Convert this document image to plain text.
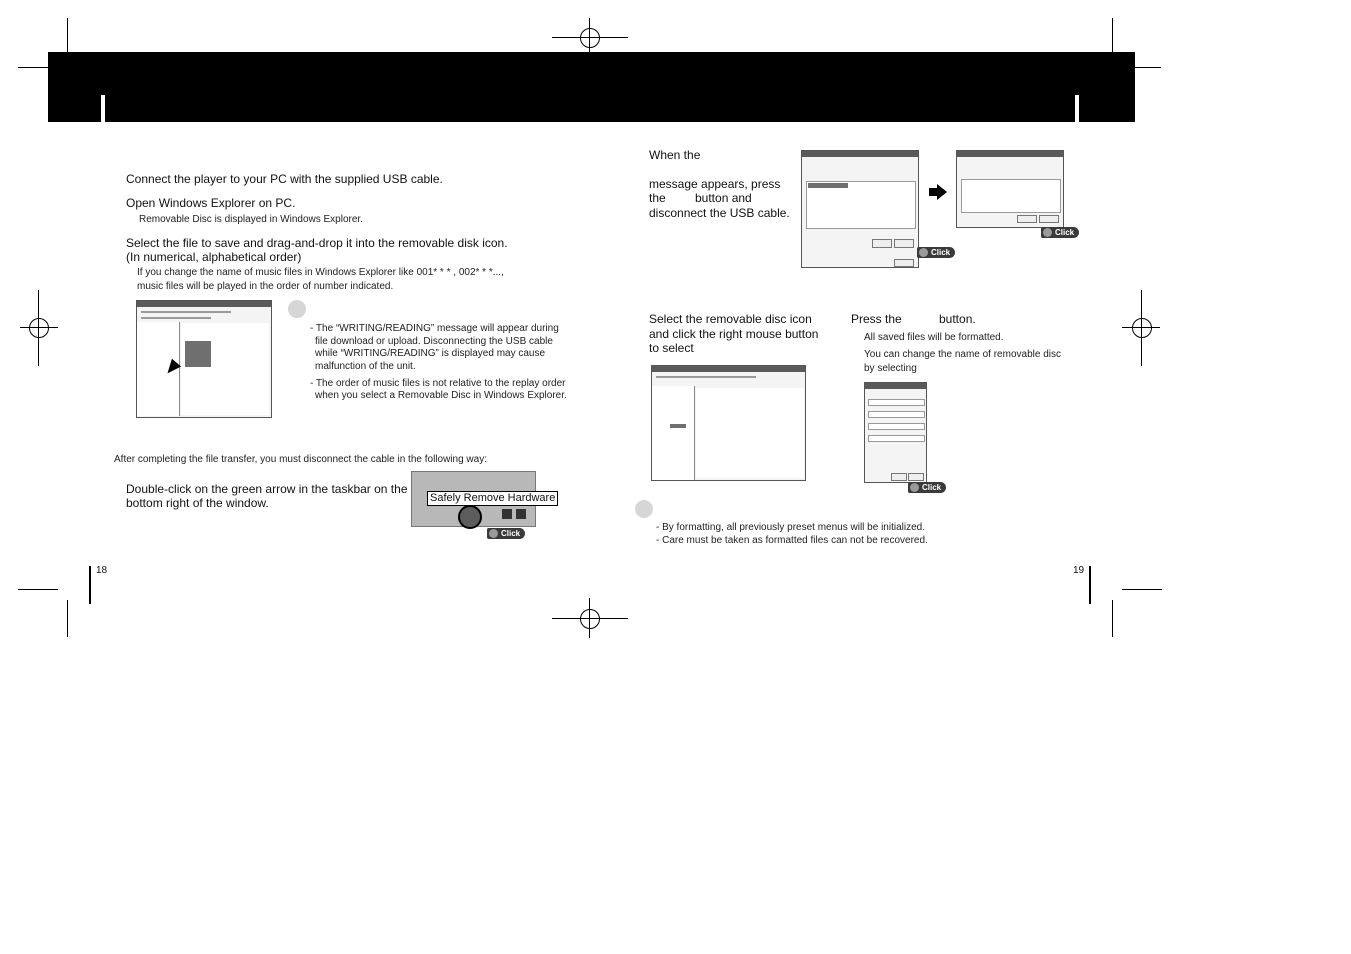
Connect the player to your PC with the supplied USB cable.
Open Windows Explorer on PC.
Removable Disc is displayed in Windows Explorer.
Select the file to save and drag-and-drop it into the removable disk icon.
(In numerical, alphabetical order)
If you change the name of music files in Windows Explorer like 001* * * , 002* * *...,
music files will be played in the order of number indicated.
- The “WRITING/READING” message will appear during
file download or upload. Disconnecting the USB cable
while “WRITING/READING” is displayed may cause
malfunction of the unit.
- The order of music files is not relative to the replay order
when you select a Removable Disc in Windows Explorer.
After completing the file transfer, you must disconnect the cable in the following way:
Double-click on the green arrow in the taskbar on the
bottom right of the window.	Safely Remove Hardware
Click
18
When the
message appears, press
the button and
disconnect the USB cable.
Click
Click
Select the removable disc icon
and click the right mouse button
to select
Press the	button.
All saved files will be formatted.
You can change the name of removable disc
by selecting
Click
- By formatting, all previously preset menus will be initialized.
- Care must be taken as formatted files can not be recovered.
19
